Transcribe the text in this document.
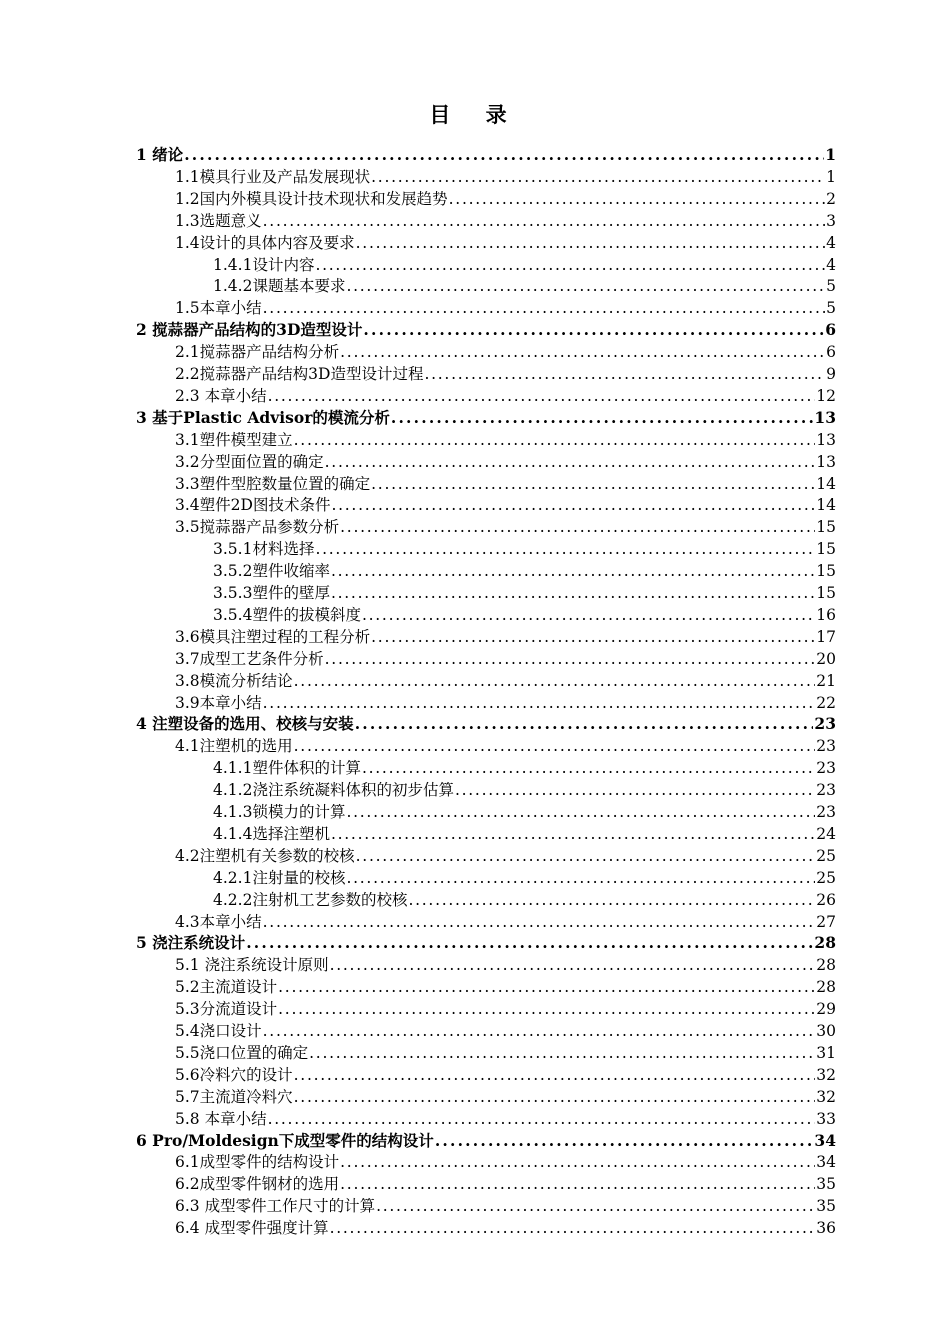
目 录
1 绪论 . . .	1
1.1模具行业及产品发展现状 . . .	1
1.2国内外模具设计技术现状和发展趋势 . . .	2
1.3选题意义 . . .	3
1.4设计的具体内容及要求 . . .	4
1.4.1设计内容 . . .	4
1.4.2课题基本要求 . . .	5
1.5本章小结 . . .	5
2 搅蒜器产品结构的3D造型设计 . . .	6
2.1搅蒜器产品结构分析 . . .	6
2.2搅蒜器产品结构3D造型设计过程 . . .	9
2.3 本章小结 . . .	12
3 基于Plastic Advisor的模流分析 . . .	13
3.1塑件模型建立 . . .	13
3.2分型面位置的确定 . . .	13
3.3塑件型腔数量位置的确定 . . .	14
3.4塑件2D图技术条件 . . .	14
3.5搅蒜器产品参数分析 . . .	15
3.5.1材料选择 . . .	15
3.5.2塑件收缩率 . . .	15
3.5.3塑件的壁厚 . . .	15
3.5.4塑件的拔模斜度 . . .	16
3.6模具注塑过程的工程分析 . . .	17
3.7成型工艺条件分析 . . .	20
3.8模流分析结论 . . .	21
3.9本章小结 . . .	22
4 注塑设备的选用、校核与安装 . . .	23
4.1注塑机的选用 . . .	23
4.1.1塑件体积的计算 . . .	23
4.1.2浇注系统凝料体积的初步估算 . . .	23
4.1.3锁模力的计算 . . .	23
4.1.4选择注塑机 . . .	24
4.2注塑机有关参数的校核 . . .	25
4.2.1注射量的校核 . . .	25
4.2.2注射机工艺参数的校核 . . .	26
4.3本章小结 . . .	27
5 浇注系统设计 . . .	28
5.1 浇注系统设计原则 . . .	28
5.2主流道设计 . . .	28
5.3分流道设计 . . .	29
5.4浇口设计 . . .	30
5.5浇口位置的确定 . . .	31
5.6冷料穴的设计 . . .	32
5.7主流道冷料穴 . . .	32
5.8 本章小结 . . .	33
6 Pro/Moldesign下成型零件的结构设计 . . .	34
6.1成型零件的结构设计 . . .	34
6.2成型零件钢材的选用 . . .	35
6.3 成型零件工作尺寸的计算 . . .	35
6.4 成型零件强度计算 . . .	36
